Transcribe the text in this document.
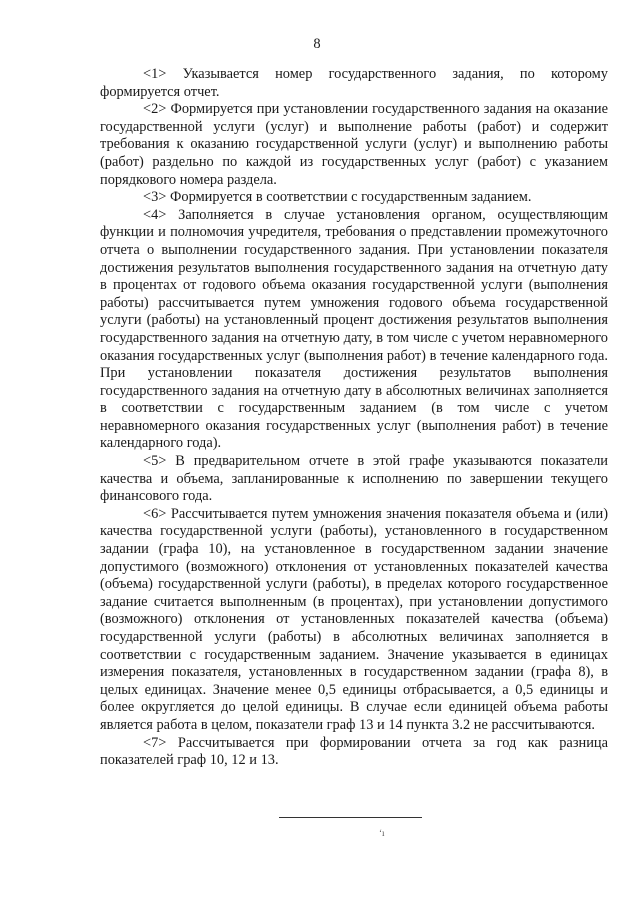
8

<1> Указывается номер государственного задания, по которому формируется отчет.

<2> Формируется при установлении государственного задания на оказание государственной услуги (услуг) и выполнение работы (работ) и содержит требования к оказанию государственной услуги (услуг) и выполнению работы (работ) раздельно по каждой из государственных услуг (работ) с указанием порядкового номера раздела.

<3> Формируется в соответствии с государственным заданием.

<4> Заполняется в случае установления органом, осуществляющим функции и полномочия учредителя, требования о представлении промежуточного отчета о выполнении государственного задания. При установлении показателя достижения результатов выполнения государственного задания на отчетную дату в процентах от годового объема оказания государственной услуги (выполнения работы) рассчитывается путем умножения годового объема государственной услуги (работы) на установленный процент достижения результатов выполнения государственного задания на отчетную дату, в том числе с учетом неравномерного оказания государственных услуг (выполнения работ) в течение календарного года. При установлении показателя достижения результатов выполнения государственного задания на отчетную дату в абсолютных величинах заполняется в соответствии с государственным заданием (в том числе с учетом неравномерного оказания государственных услуг (выполнения работ) в течение календарного года).

<5> В предварительном отчете в этой графе указываются показатели качества и объема, запланированные к исполнению по завершении текущего финансового года.

<6> Рассчитывается путем умножения значения показателя объема и (или) качества государственной услуги (работы), установленного в государственном задании (графа 10), на установленное в государственном задании значение допустимого (возможного) отклонения от установленных показателей качества (объема) государственной услуги (работы), в пределах которого государственное задание считается выполненным (в процентах), при установлении допустимого (возможного) отклонения от установленных показателей качества (объема) государственной услуги (работы) в абсолютных величинах заполняется в соответствии с государственным заданием. Значение указывается в единицах измерения показателя, установленных в государственном задании (графа 8), в целых единицах. Значение менее 0,5 единицы отбрасывается, а 0,5 единицы и более округляется до целой единицы. В случае если единицей объема работы является работа в целом, показатели граф 13 и 14 пункта 3.2 не рассчитываются.

<7> Рассчитывается при формировании отчета за год как разница показателей граф 10, 12 и 13.

ʻı
